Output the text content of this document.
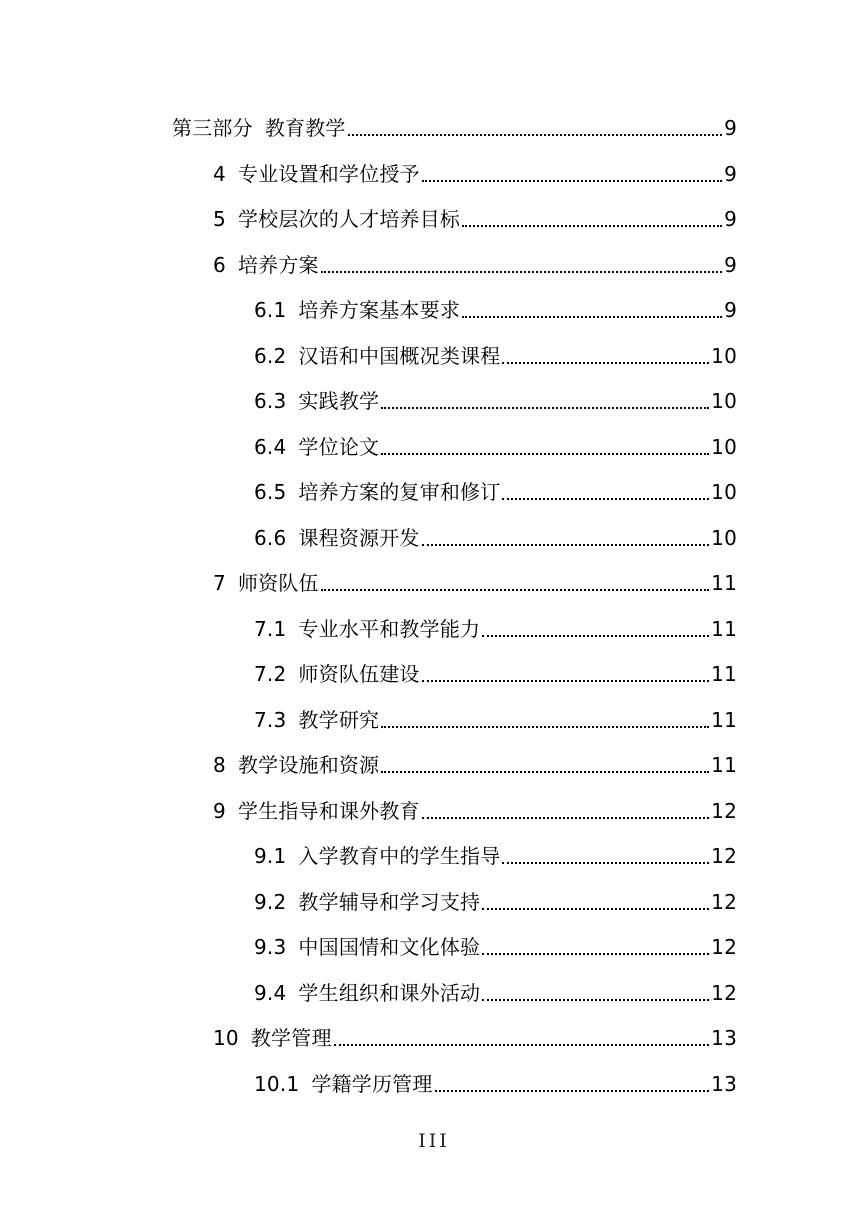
第三部分 教育教学	9
4 专业设置和学位授予	9
5 学校层次的人才培养目标	9
6 培养方案	9
6.1 培养方案基本要求	9
6.2 汉语和中国概况类课程	10
6.3 实践教学	10
6.4 学位论文	10
6.5 培养方案的复审和修订	10
6.6 课程资源开发	10
7 师资队伍	11
7.1 专业水平和教学能力	11
7.2 师资队伍建设	11
7.3 教学研究	11
8 教学设施和资源	11
9 学生指导和课外教育	12
9.1 入学教育中的学生指导	12
9.2 教学辅导和学习支持	12
9.3 中国国情和文化体验	12
9.4 学生组织和课外活动	12
10 教学管理	13
10.1 学籍学历管理	13
III
